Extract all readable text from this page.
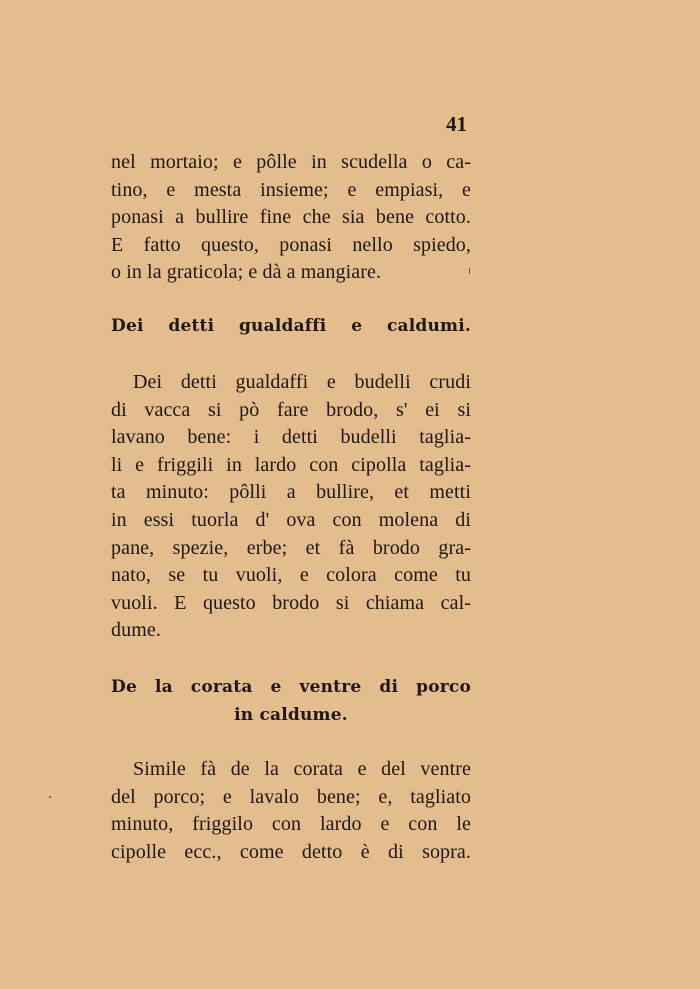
41
nel mortaio; e pôlle in scudella o ca-
tino, e mesta insieme; e empiasi, e
ponasi a bullire fine che sia bene cotto.
E fatto questo, ponasi nello spiedo,
o in la graticola; e dà a mangiare.
Dei detti gualdaffi e caldumi.
Dei detti gualdaffi e budelli crudi
di vacca si pò fare brodo, s' ei si
lavano bene: i detti budelli taglia-
li e friggili in lardo con cipolla taglia-
ta minuto: pôlli a bullire, et metti
in essi tuorla d' ova con molena di
pane, spezie, erbe; et fà brodo gra-
nato, se tu vuoli, e colora come tu
vuoli. E questo brodo si chiama cal-
dume.
De la corata e ventre di porco
in caldume.
Simile fà de la corata e del ventre
del porco; e lavalo bene; e, tagliato
minuto, friggilo con lardo e con le
cipolle ecc., come detto è di sopra.
